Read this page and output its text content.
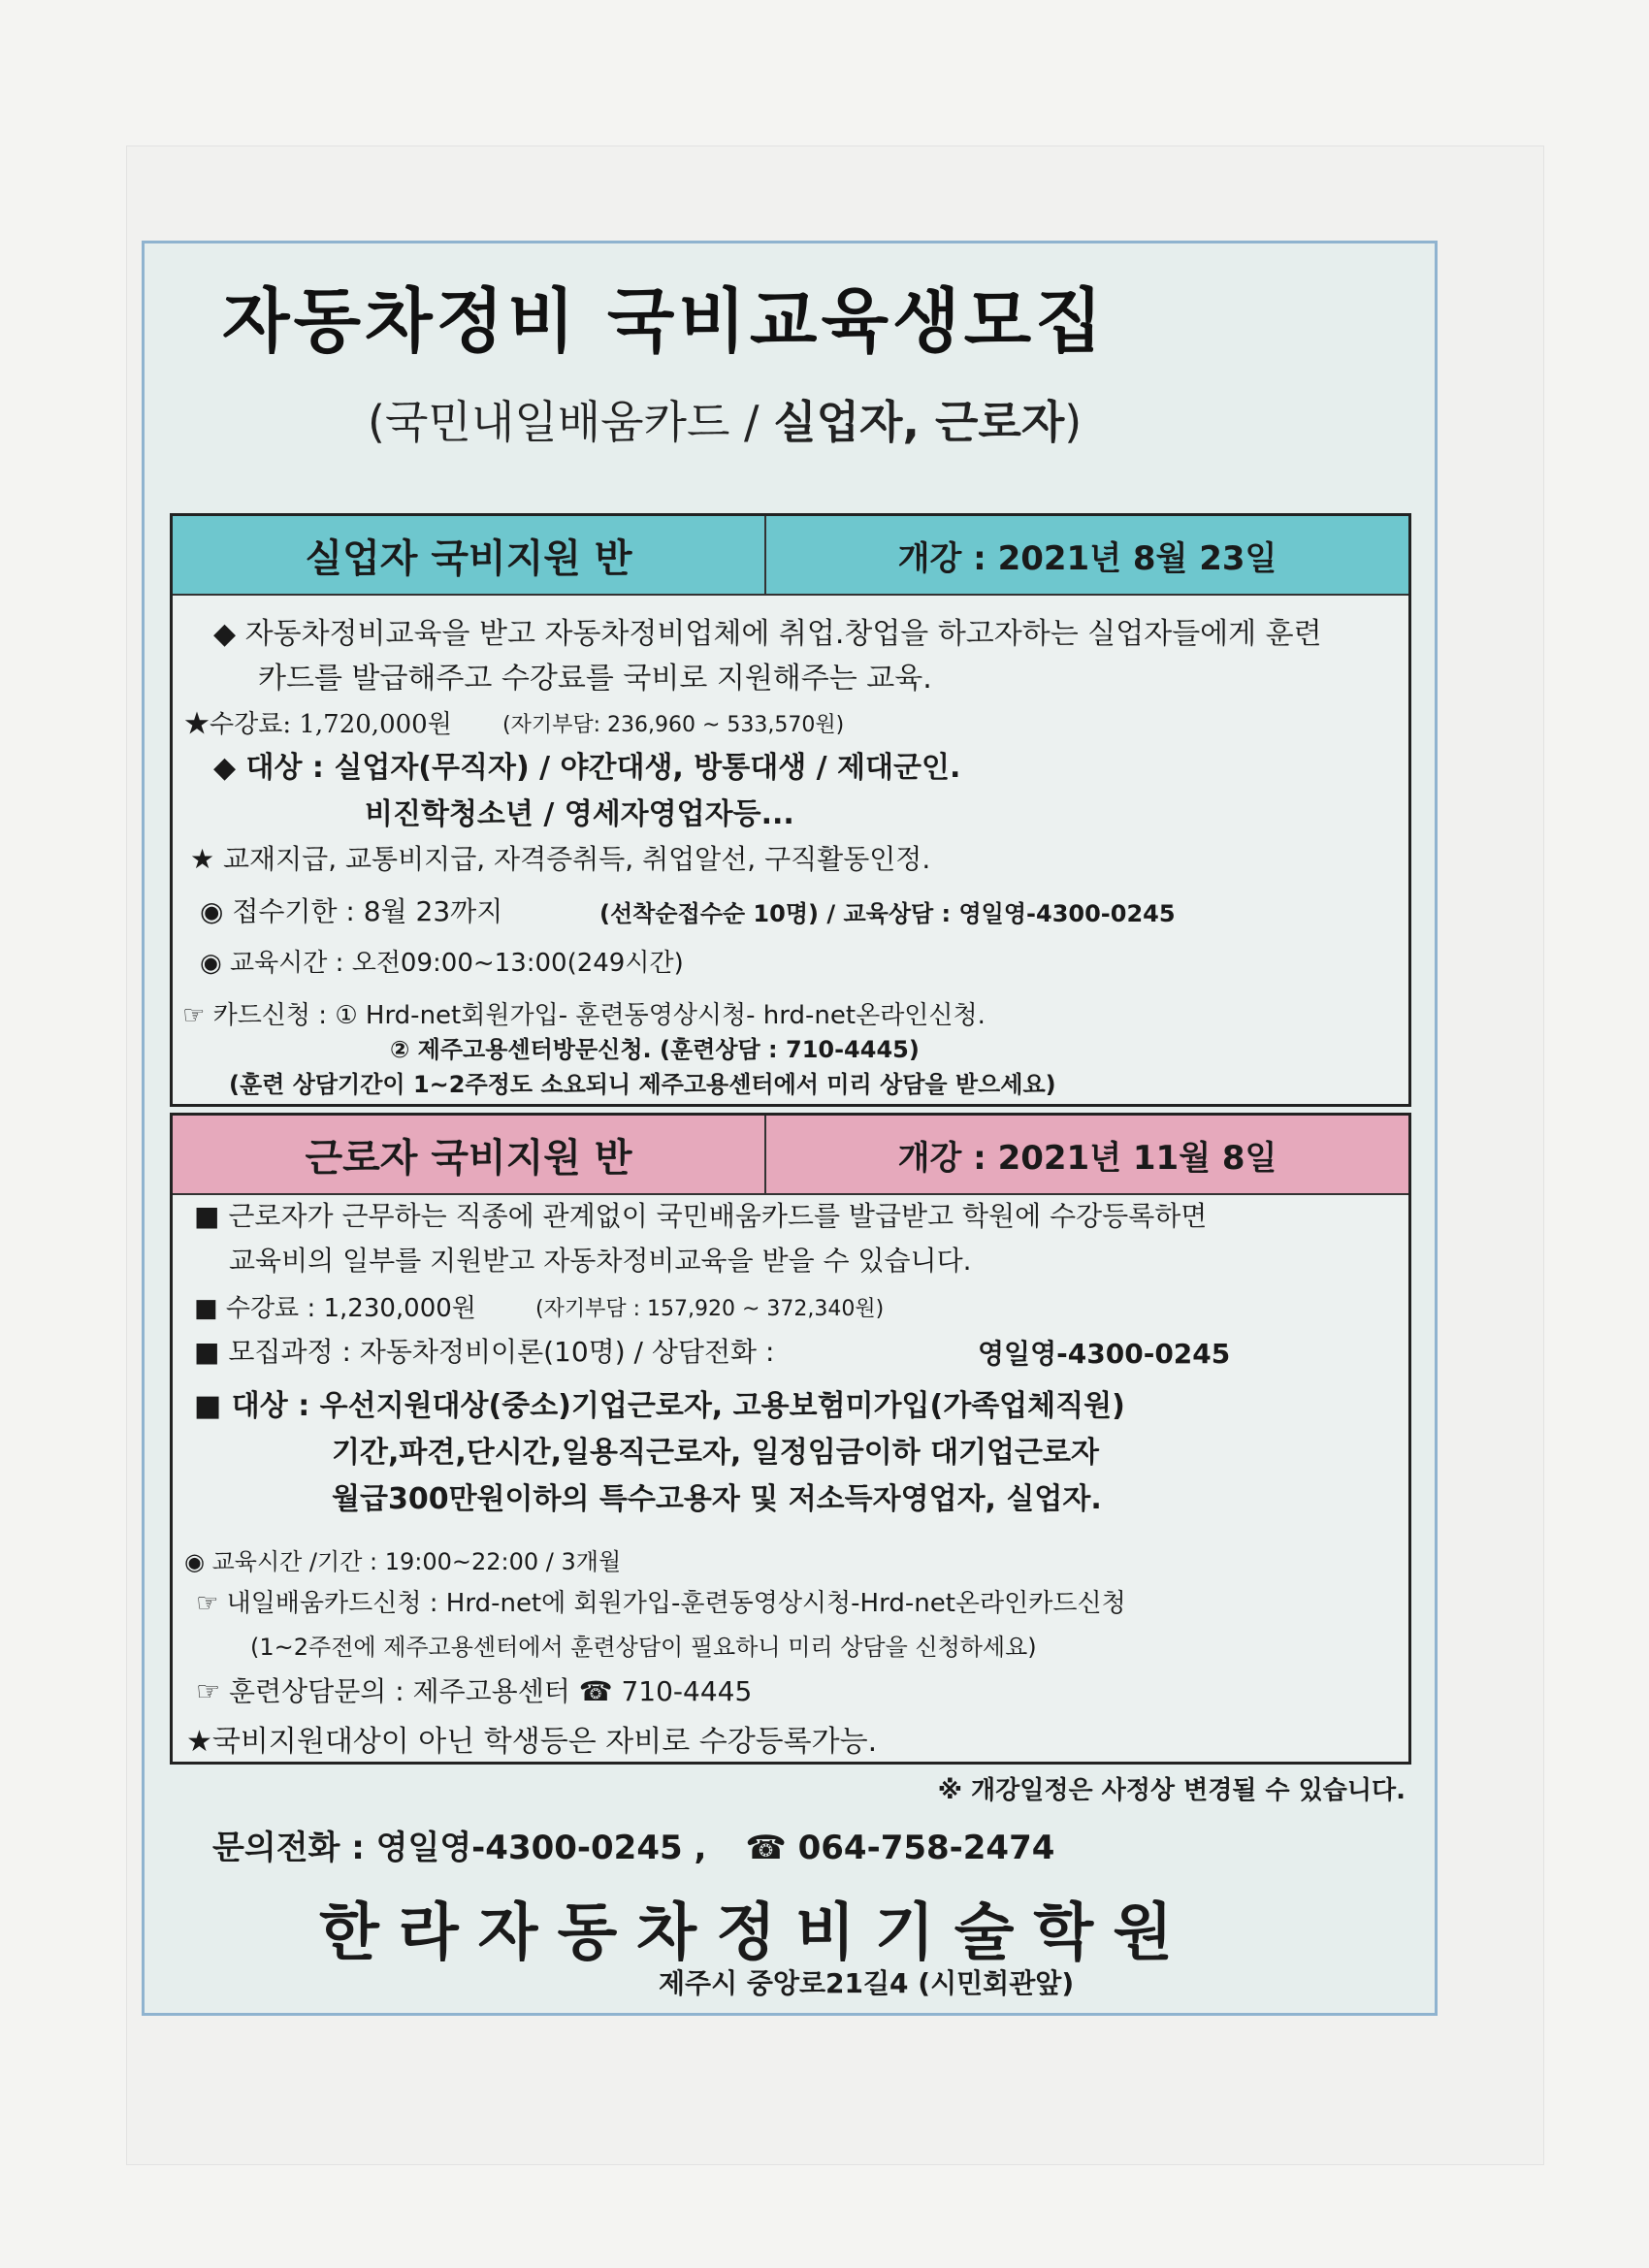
자동차정비 국비교육생모집
(국민내일배움카드 / 실업자, 근로자)
실업자 국비지원 반	개강 : 2021년 8월 23일
◆ 자동차정비교육을 받고 자동차정비업체에 취업.창업을 하고자하는 실업자들에게 훈련
카드를 발급해주고 수강료를 국비로 지원해주는 교육.
★수강료: 1,720,000원 (자기부담: 236,960 ~ 533,570원)
◆ 대상 : 실업자(무직자) / 야간대생, 방통대생 / 제대군인.
비진학청소년 / 영세자영업자등...
★ 교재지급, 교통비지급, 자격증취득, 취업알선, 구직활동인정.
◉ 접수기한 : 8월 23까지	(선착순접수순 10명) / 교육상담 : 영일영-4300-0245
◉ 교육시간 : 오전09:00~13:00(249시간)
☞ 카드신청 : ① Hrd-net회원가입- 훈련동영상시청- hrd-net온라인신청.
② 제주고용센터방문신청. (훈련상담 : 710-4445)
(훈련 상담기간이 1~2주정도 소요되니 제주고용센터에서 미리 상담을 받으세요)
근로자 국비지원 반	개강 : 2021년 11월 8일
■ 근로자가 근무하는 직종에 관계없이 국민배움카드를 발급받고 학원에 수강등록하면
교육비의 일부를 지원받고 자동차정비교육을 받을 수 있습니다.
■ 수강료 : 1,230,000원	(자기부담 : 157,920 ~ 372,340원)
■ 모집과정 : 자동차정비이론(10명) / 상담전화 :	영일영-4300-0245
■ 대상 : 우선지원대상(중소)기업근로자, 고용보험미가입(가족업체직원)
기간,파견,단시간,일용직근로자, 일정임금이하 대기업근로자
월급300만원이하의 특수고용자 및 저소득자영업자, 실업자.
◉ 교육시간 /기간 : 19:00~22:00 / 3개월
☞ 내일배움카드신청 : Hrd-net에 회원가입-훈련동영상시청-Hrd-net온라인카드신청
(1~2주전에 제주고용센터에서 훈련상담이 필요하니 미리 상담을 신청하세요)
☞ 훈련상담문의 : 제주고용센터 ☎ 710-4445
★국비지원대상이 아닌 학생등은 자비로 수강등록가능.
※ 개강일정은 사정상 변경될 수 있습니다.
문의전화 : 영일영-4300-0245 , ☎ 064-758-2474
한라자동차정비기술학원
제주시 중앙로21길4 (시민회관앞)
